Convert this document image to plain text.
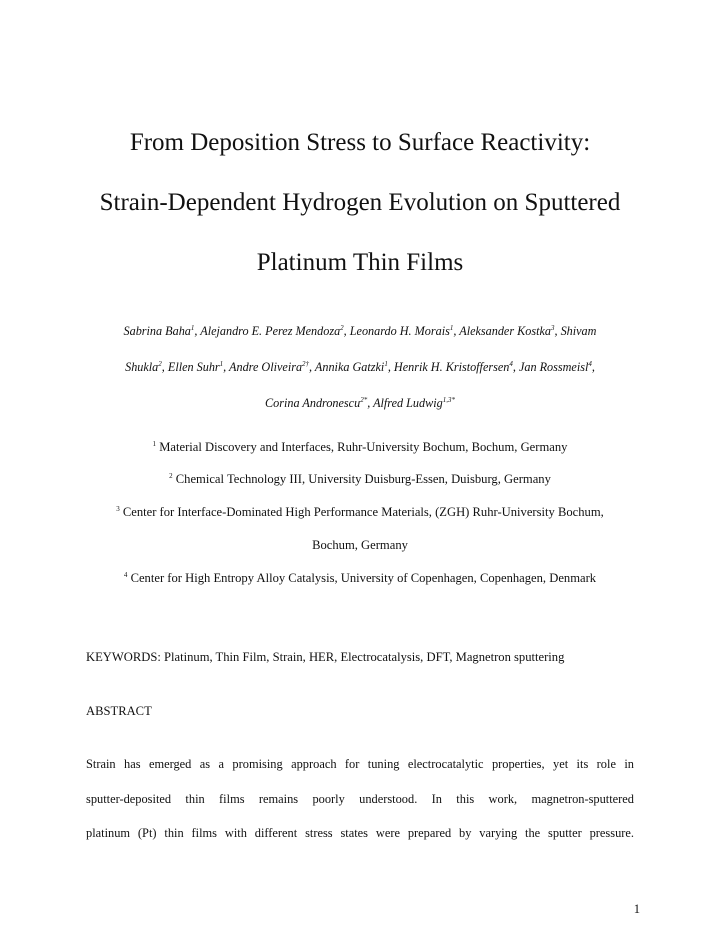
From Deposition Stress to Surface Reactivity:
Strain-Dependent Hydrogen Evolution on Sputtered
Platinum Thin Films
Sabrina Baha$^1$, Alejandro E. Perez Mendoza$^2$, Leonardo H. Morais$^1$, Aleksander Kostka$^3$, Shivam
Shukla$^2$, Ellen Suhr$^1$, Andre Oliveira$^{2\dagger}$, Annika Gatzki$^1$, Henrik H. Kristoffersen$^4$, Jan Rossmeisl$^4$,
Corina Andronescu$^{2*}$, Alfred Ludwig$^{1,3*}$
$^1$ Material Discovery and Interfaces, Ruhr-University Bochum, Bochum, Germany
$^2$ Chemical Technology III, University Duisburg-Essen, Duisburg, Germany
$^3$ Center for Interface-Dominated High Performance Materials, (ZGH) Ruhr-University Bochum,
Bochum, Germany
$^4$ Center for High Entropy Alloy Catalysis, University of Copenhagen, Copenhagen, Denmark
KEYWORDS: Platinum, Thin Film, Strain, HER, Electrocatalysis, DFT, Magnetron sputtering
ABSTRACT
Strain has emerged as a promising approach for tuning electrocatalytic properties, yet its role in
sputter-deposited thin films remains poorly understood. In this work, magnetron-sputtered
platinum (Pt) thin films with different stress states were prepared by varying the sputter pressure.
1
